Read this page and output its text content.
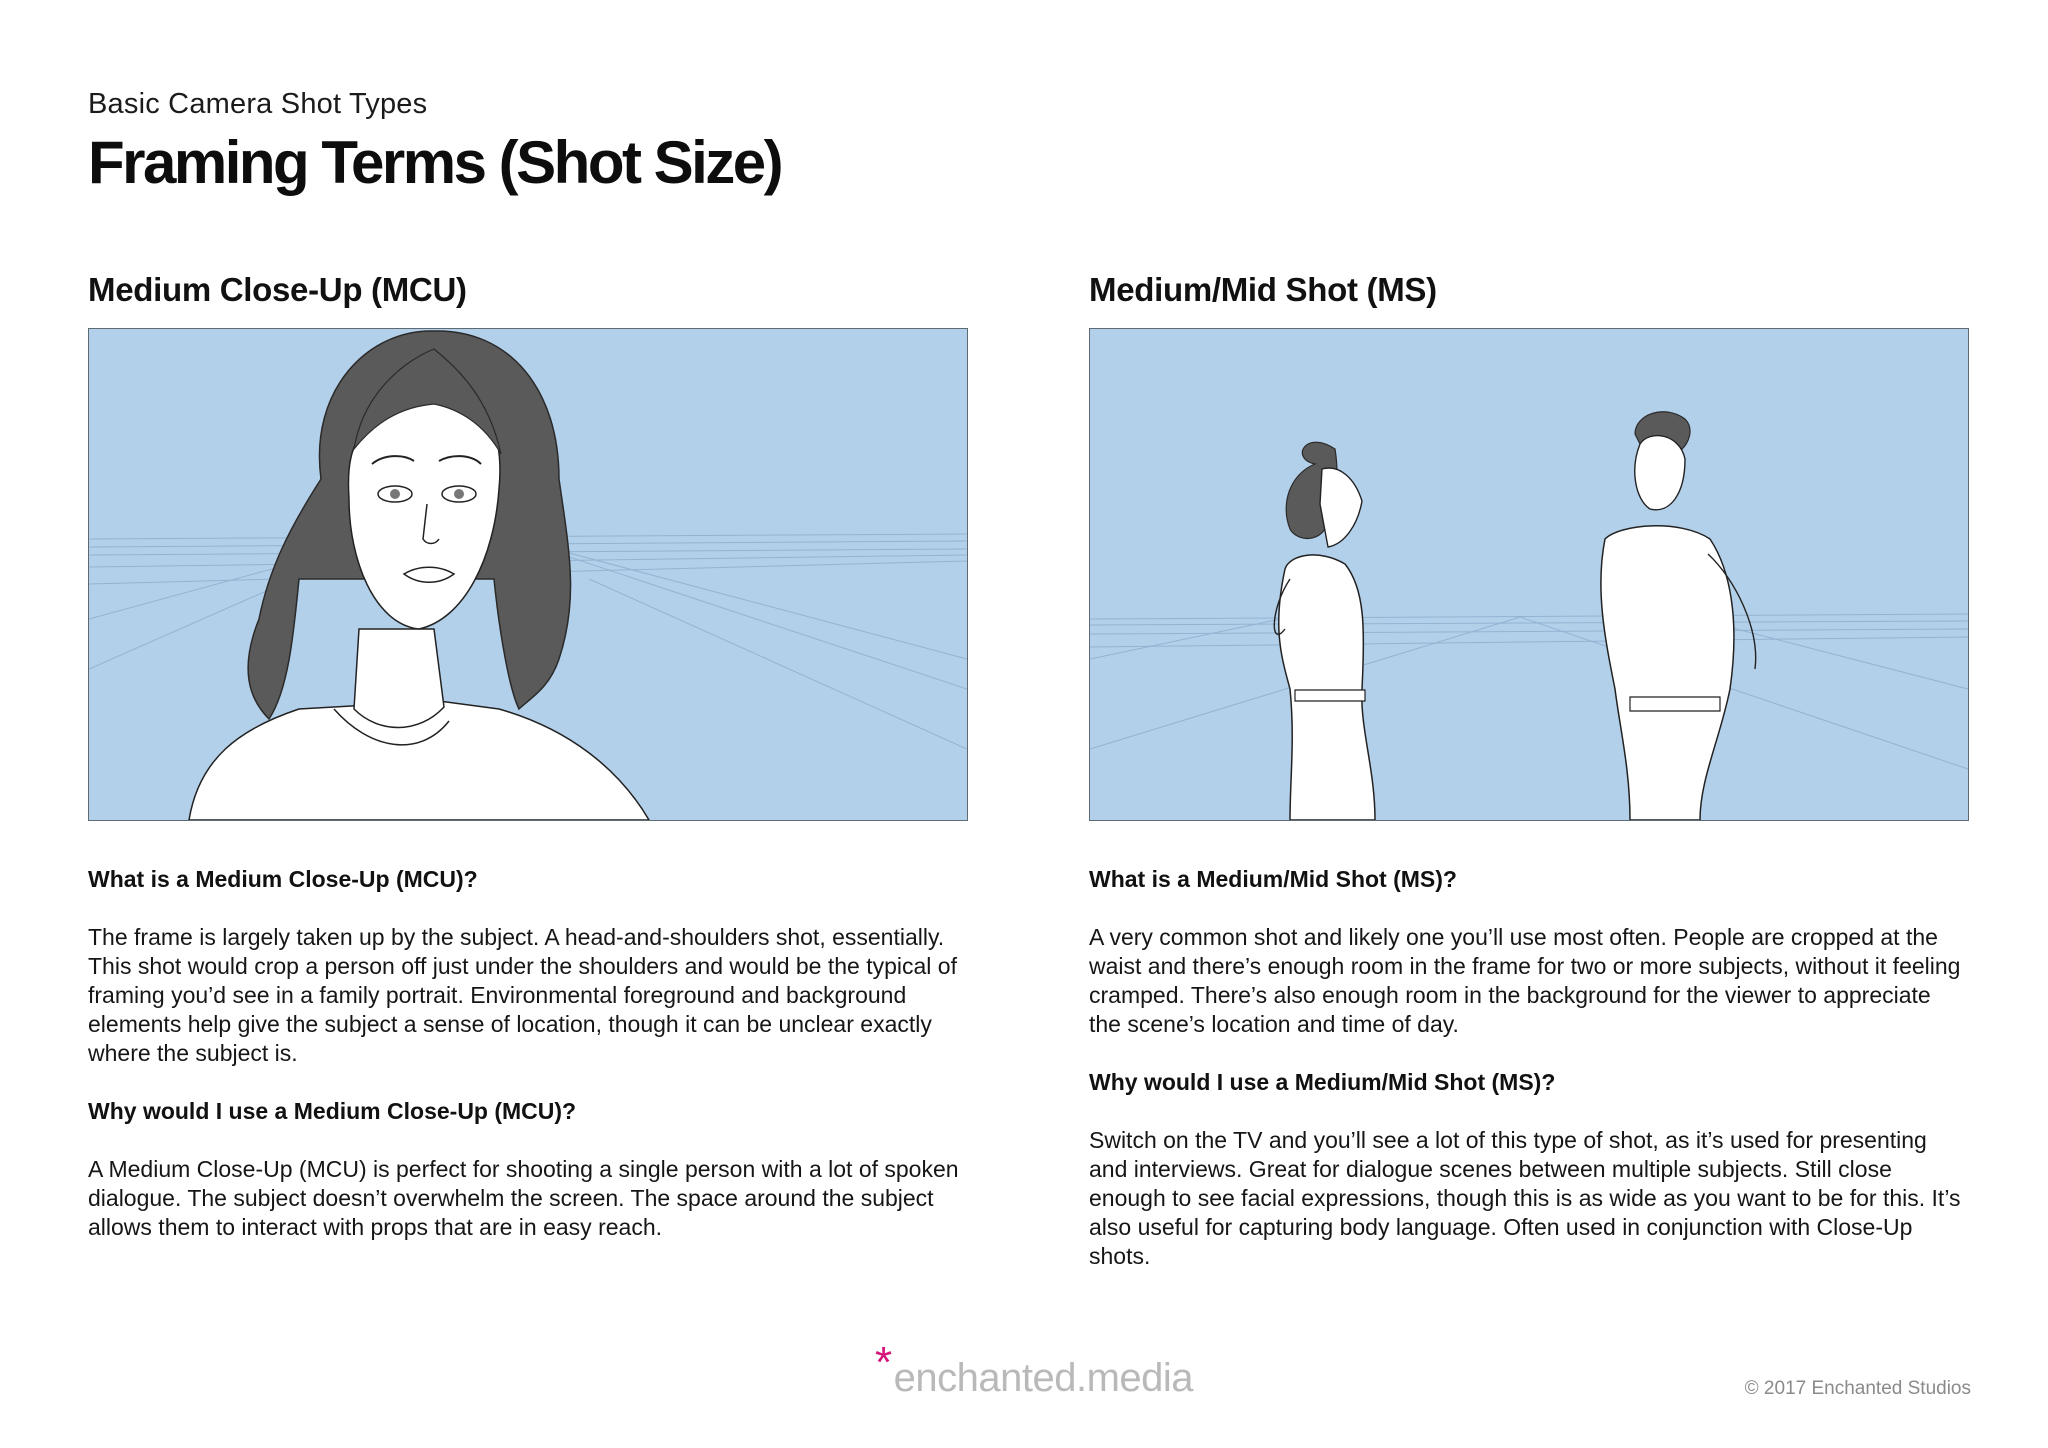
Basic Camera Shot Types
Framing Terms (Shot Size)
Medium Close-Up (MCU)

What is a Medium Close-Up (MCU)?

The frame is largely taken up by the subject. A head-and-shoulders shot, essentially. This shot would crop a person off just under the shoulders and would be the typical of framing you’d see in a family portrait. Environmental foreground and background elements help give the subject a sense of location, though it can be unclear exactly where the subject is.

Why would I use a Medium Close-Up (MCU)?

A Medium Close-Up (MCU) is perfect for shooting a single person with a lot of spoken dialogue. The subject doesn’t overwhelm the screen. The space around the subject allows them to interact with props that are in easy reach.

Medium/Mid Shot (MS)

What is a Medium/Mid Shot (MS)?

A very common shot and likely one you’ll use most often. People are cropped at the waist and there’s enough room in the frame for two or more subjects, without it feeling cramped. There’s also enough room in the background for the viewer to appreciate the scene’s location and time of day.

Why would I use a Medium/Mid Shot (MS)?

Switch on the TV and you’ll see a lot of this type of shot, as it’s used for presenting and interviews. Great for dialogue scenes between multiple subjects. Still close enough to see facial expressions, though this is as wide as you want to be for this. It’s also useful for capturing body language. Often used in conjunction with Close-Up shots.

*enchanted.media	© 2017 Enchanted Studios
